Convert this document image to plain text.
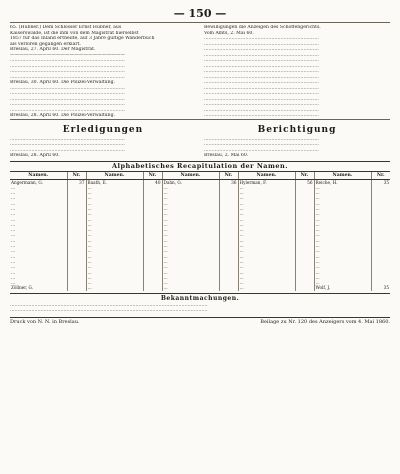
— 150 —
65. (Hübner.) Dem Schlosser Ernst Hübner, aus
Kaiserswalde, ist die ihm von dem Magistrat hierselbst
1857 für das Inland ertheilte, auf 3 Jahre gültige Wanderbuch
als verloren gegangen erklärt.
Breslau, 27. April 60. Der Magistrat.
—————————————————————————
…………………………………………………………………
…………………………………………………………………
…………………………………………………………………
…………………………………………………………………
Breslau, 30. April 60. Die Polizei-Verwaltung.
…………………………………………………………………
…………………………………………………………………
…………………………………………………………………
…………………………………………………………………
…………………………………………………………………
Breslau, 28. April 60. Die Polizei-Verwaltung.
Bewilligungen die Anzeigen des Schöffengerichts.
Vom Amts, 2. Mai 60.
…………………………………………………………………
…………………………………………………………………
…………………………………………………………………
…………………………………………………………………
…………………………………………………………………
…………………………………………………………………
…………………………………………………………………
…………………………………………………………………
…………………………………………………………………
…………………………………………………………………
…………………………………………………………………
…………………………………………………………………
…………………………………………………………………
…………………………………………………………………
…………………………………………………………………
Erledigungen
…………………………………………………………………
…………………………………………………………………
…………………………………………………………………
Breslau, 28. April 60.
Berichtigung
…………………………………………………………………
…………………………………………………………………
…………………………………………………………………
Breslau, 2. Mai 60.
Alphabetisches Recapitulation der Namen.
Namen.	Nr.	Namen.	Nr.	Namen.	Nr.	Namen.	Nr.	Namen.	Nr.
Angermann, G.	37	Baath, E.	40	Dahn, G.	36	Hylerman, F.	56	Reiche, H.	35
…		…		…		…		…	
…		…		…		…		…	
…		…		…		…		…	
…		…		…		…		…	
…		…		…		…		…	
…		…		…		…		…	
…		…		…		…		…	
…		…		…		…		…	
…		…		…		…		…	
…		…		…		…		…	
…		…		…		…		…	
…		…		…		…		…	
…		…		…		…		…	
…		…		…		…		…	
…		…		…		…		…	
…		…		…		…		…	
…		…		…		…		…	
…		…		…		…		…	
…		…		…		…		…	
Zöllner, G.		…		…		…		Wolf, J.	35
Bekanntmachungen.
…………………………………………………………………………………………………………………
…………………………………………………………………………………………………………………
Druck von N. N. in Breslau.	Beilage zu Nr. 120 des Anzeigers vom 4. Mai 1860.
